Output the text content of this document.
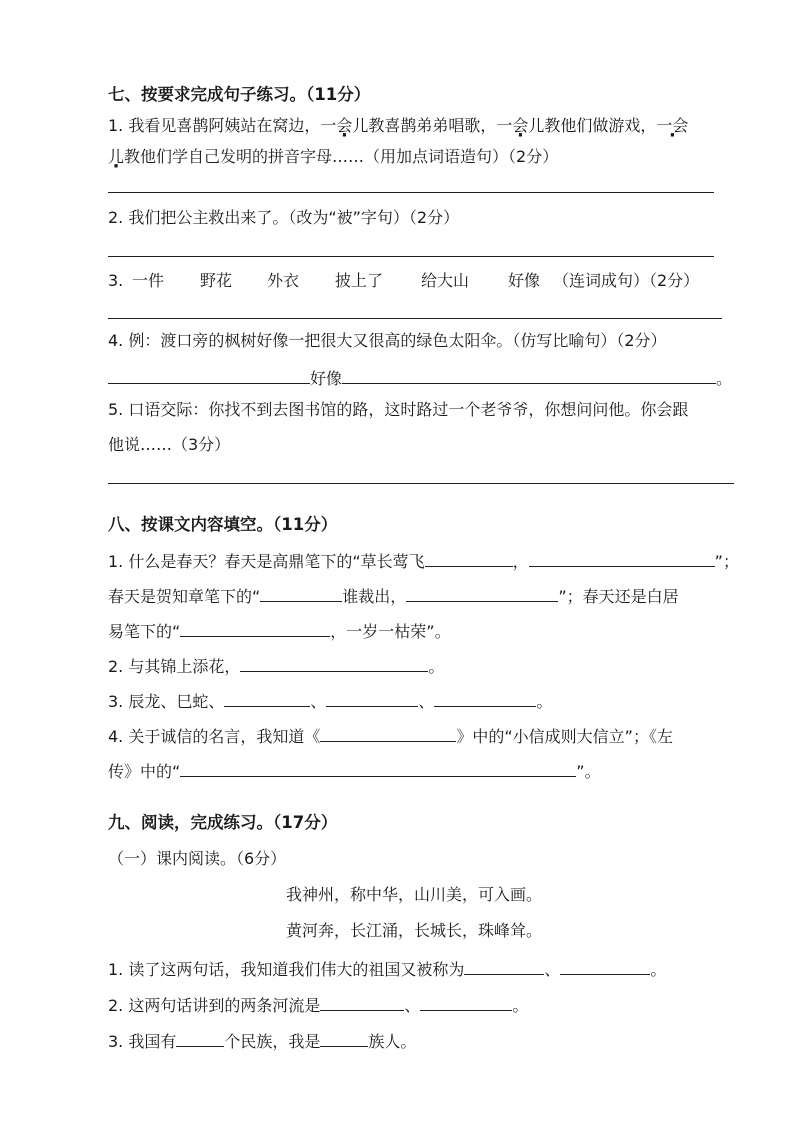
七、按要求完成句子练习。（11分）
1. 我看见喜鹊阿姨站在窝边，一会儿教喜鹊弟弟唱歌，一会儿教他们做游戏，一会
儿教他们学自己发明的拼音字母……（用加点词语造句）（2分）
2. 我们把公主救出来了。（改为“被”字句）（2分）
3. 一件 野花 外衣 披上了 给大山 好像 （连词成句）（2分）
4. 例：渡口旁的枫树好像一把很大又很高的绿色太阳伞。（仿写比喻句）（2分）
好像	。
5. 口语交际：你找不到去图书馆的路，这时路过一个老爷爷，你想问问他。你会跟
他说……（3分）
八、按课文内容填空。（11分）
1. 什么是春天？春天是高鼎笔下的“草长莺飞	，	”；
春天是贺知章笔下的“	谁裁出，	”；春天还是白居
易笔下的“	，一岁一枯荣”。
2. 与其锦上添花，	。
3. 辰龙、巳蛇、	、	、	。
4. 关于诚信的名言，我知道《	》中的“小信成则大信立”；《左
传》中的“	”。
九、阅读，完成练习。（17分）
（一）课内阅读。（6分）
我神州，称中华，山川美，可入画。
黄河奔，长江涌，长城长，珠峰耸。
1. 读了这两句话，我知道我们伟大的祖国又被称为	、	。
2. 这两句话讲到的两条河流是	、	。
3. 我国有	个民族，我是	族人。
